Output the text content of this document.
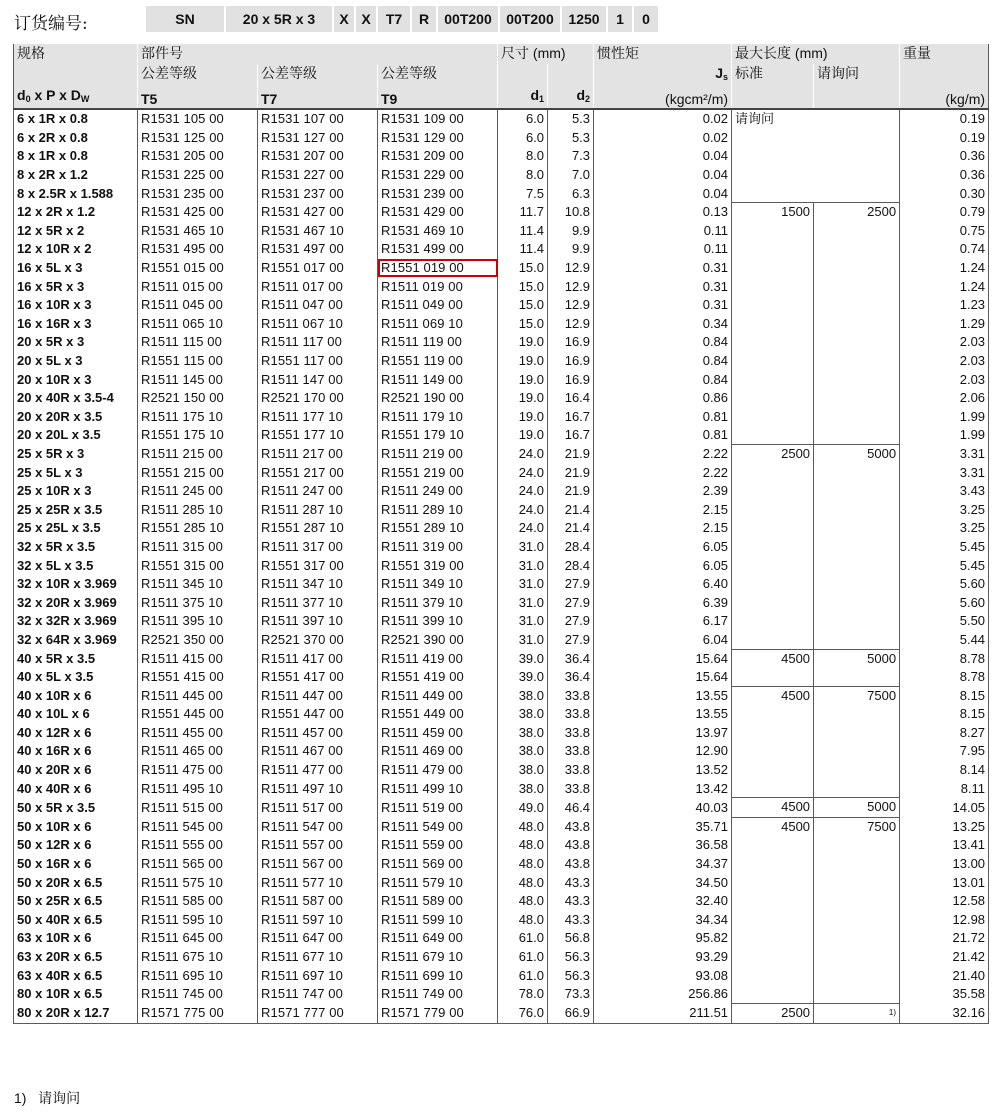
订货编号:	SN	20 x 5R x 3	X X	T7	R	00T200	00T200	1250	1	0
规格	部件号			尺寸 (mm)		惯性矩	最大长度 (mm)		重量
	公差等级	公差等级	公差等级			$J_s$	标准	请询问	
$d_0$ x P x $D_W$	T5	T7	T9	$d_1$	$d_2$	(kgcm²/m)			(kg/m)
6 x 1R x 0.8	R1531 105 00	R1531 107 00	R1531 109 00	6.0	5.3	0.02	请询问		0.19
6 x 2R x 0.8	R1531 125 00	R1531 127 00	R1531 129 00	6.0	5.3	0.02			0.19
8 x 1R x 0.8	R1531 205 00	R1531 207 00	R1531 209 00	8.0	7.3	0.04			0.36
8 x 2R x 1.2	R1531 225 00	R1531 227 00	R1531 229 00	8.0	7.0	0.04			0.36
8 x 2.5R x 1.588	R1531 235 00	R1531 237 00	R1531 239 00	7.5	6.3	0.04			0.30
12 x 2R x 1.2	R1531 425 00	R1531 427 00	R1531 429 00	11.7	10.8	0.13	1500	2500	0.79
12 x 5R x 2	R1531 465 10	R1531 467 10	R1531 469 10	11.4	9.9	0.11			0.75
12 x 10R x 2	R1531 495 00	R1531 497 00	R1531 499 00	11.4	9.9	0.11			0.74
16 x 5L x 3	R1551 015 00	R1551 017 00	R1551 019 00	15.0	12.9	0.31			1.24
16 x 5R x 3	R1511 015 00	R1511 017 00	R1511 019 00	15.0	12.9	0.31			1.24
16 x 10R x 3	R1511 045 00	R1511 047 00	R1511 049 00	15.0	12.9	0.31			1.23
16 x 16R x 3	R1511 065 10	R1511 067 10	R1511 069 10	15.0	12.9	0.34			1.29
20 x 5R x 3	R1511 115 00	R1511 117 00	R1511 119 00	19.0	16.9	0.84			2.03
20 x 5L x 3	R1551 115 00	R1551 117 00	R1551 119 00	19.0	16.9	0.84			2.03
20 x 10R x 3	R1511 145 00	R1511 147 00	R1511 149 00	19.0	16.9	0.84			2.03
20 x 40R x 3.5-4	R2521 150 00	R2521 170 00	R2521 190 00	19.0	16.4	0.86			2.06
20 x 20R x 3.5	R1511 175 10	R1511 177 10	R1511 179 10	19.0	16.7	0.81			1.99
20 x 20L x 3.5	R1551 175 10	R1551 177 10	R1551 179 10	19.0	16.7	0.81			1.99
25 x 5R x 3	R1511 215 00	R1511 217 00	R1511 219 00	24.0	21.9	2.22	2500	5000	3.31
25 x 5L x 3	R1551 215 00	R1551 217 00	R1551 219 00	24.0	21.9	2.22			3.31
25 x 10R x 3	R1511 245 00	R1511 247 00	R1511 249 00	24.0	21.9	2.39			3.43
25 x 25R x 3.5	R1511 285 10	R1511 287 10	R1511 289 10	24.0	21.4	2.15			3.25
25 x 25L x 3.5	R1551 285 10	R1551 287 10	R1551 289 10	24.0	21.4	2.15			3.25
32 x 5R x 3.5	R1511 315 00	R1511 317 00	R1511 319 00	31.0	28.4	6.05			5.45
32 x 5L x 3.5	R1551 315 00	R1551 317 00	R1551 319 00	31.0	28.4	6.05			5.45
32 x 10R x 3.969	R1511 345 10	R1511 347 10	R1511 349 10	31.0	27.9	6.40			5.60
32 x 20R x 3.969	R1511 375 10	R1511 377 10	R1511 379 10	31.0	27.9	6.39			5.60
32 x 32R x 3.969	R1511 395 10	R1511 397 10	R1511 399 10	31.0	27.9	6.17			5.50
32 x 64R x 3.969	R2521 350 00	R2521 370 00	R2521 390 00	31.0	27.9	6.04			5.44
40 x 5R x 3.5	R1511 415 00	R1511 417 00	R1511 419 00	39.0	36.4	15.64	4500	5000	8.78
40 x 5L x 3.5	R1551 415 00	R1551 417 00	R1551 419 00	39.0	36.4	15.64			8.78
40 x 10R x 6	R1511 445 00	R1511 447 00	R1511 449 00	38.0	33.8	13.55	4500	7500	8.15
40 x 10L x 6	R1551 445 00	R1551 447 00	R1551 449 00	38.0	33.8	13.55			8.15
40 x 12R x 6	R1511 455 00	R1511 457 00	R1511 459 00	38.0	33.8	13.97			8.27
40 x 16R x 6	R1511 465 00	R1511 467 00	R1511 469 00	38.0	33.8	12.90			7.95
40 x 20R x 6	R1511 475 00	R1511 477 00	R1511 479 00	38.0	33.8	13.52			8.14
40 x 40R x 6	R1511 495 10	R1511 497 10	R1511 499 10	38.0	33.8	13.42			8.11
50 x 5R x 3.5	R1511 515 00	R1511 517 00	R1511 519 00	49.0	46.4	40.03	4500	5000	14.05
50 x 10R x 6	R1511 545 00	R1511 547 00	R1511 549 00	48.0	43.8	35.71	4500	7500	13.25
50 x 12R x 6	R1511 555 00	R1511 557 00	R1511 559 00	48.0	43.8	36.58			13.41
50 x 16R x 6	R1511 565 00	R1511 567 00	R1511 569 00	48.0	43.8	34.37			13.00
50 x 20R x 6.5	R1511 575 10	R1511 577 10	R1511 579 10	48.0	43.3	34.50			13.01
50 x 25R x 6.5	R1511 585 00	R1511 587 00	R1511 589 00	48.0	43.3	32.40			12.58
50 x 40R x 6.5	R1511 595 10	R1511 597 10	R1511 599 10	48.0	43.3	34.34			12.98
63 x 10R x 6	R1511 645 00	R1511 647 00	R1511 649 00	61.0	56.8	95.82			21.72
63 x 20R x 6.5	R1511 675 10	R1511 677 10	R1511 679 10	61.0	56.3	93.29			21.42
63 x 40R x 6.5	R1511 695 10	R1511 697 10	R1511 699 10	61.0	56.3	93.08			21.40
80 x 10R x 6.5	R1511 745 00	R1511 747 00	R1511 749 00	78.0	73.3	256.86			35.58
80 x 20R x 12.7	R1571 775 00	R1571 777 00	R1571 779 00	76.0	66.9	211.51	2500	$^{1)}$	32.16
1) 请询问
